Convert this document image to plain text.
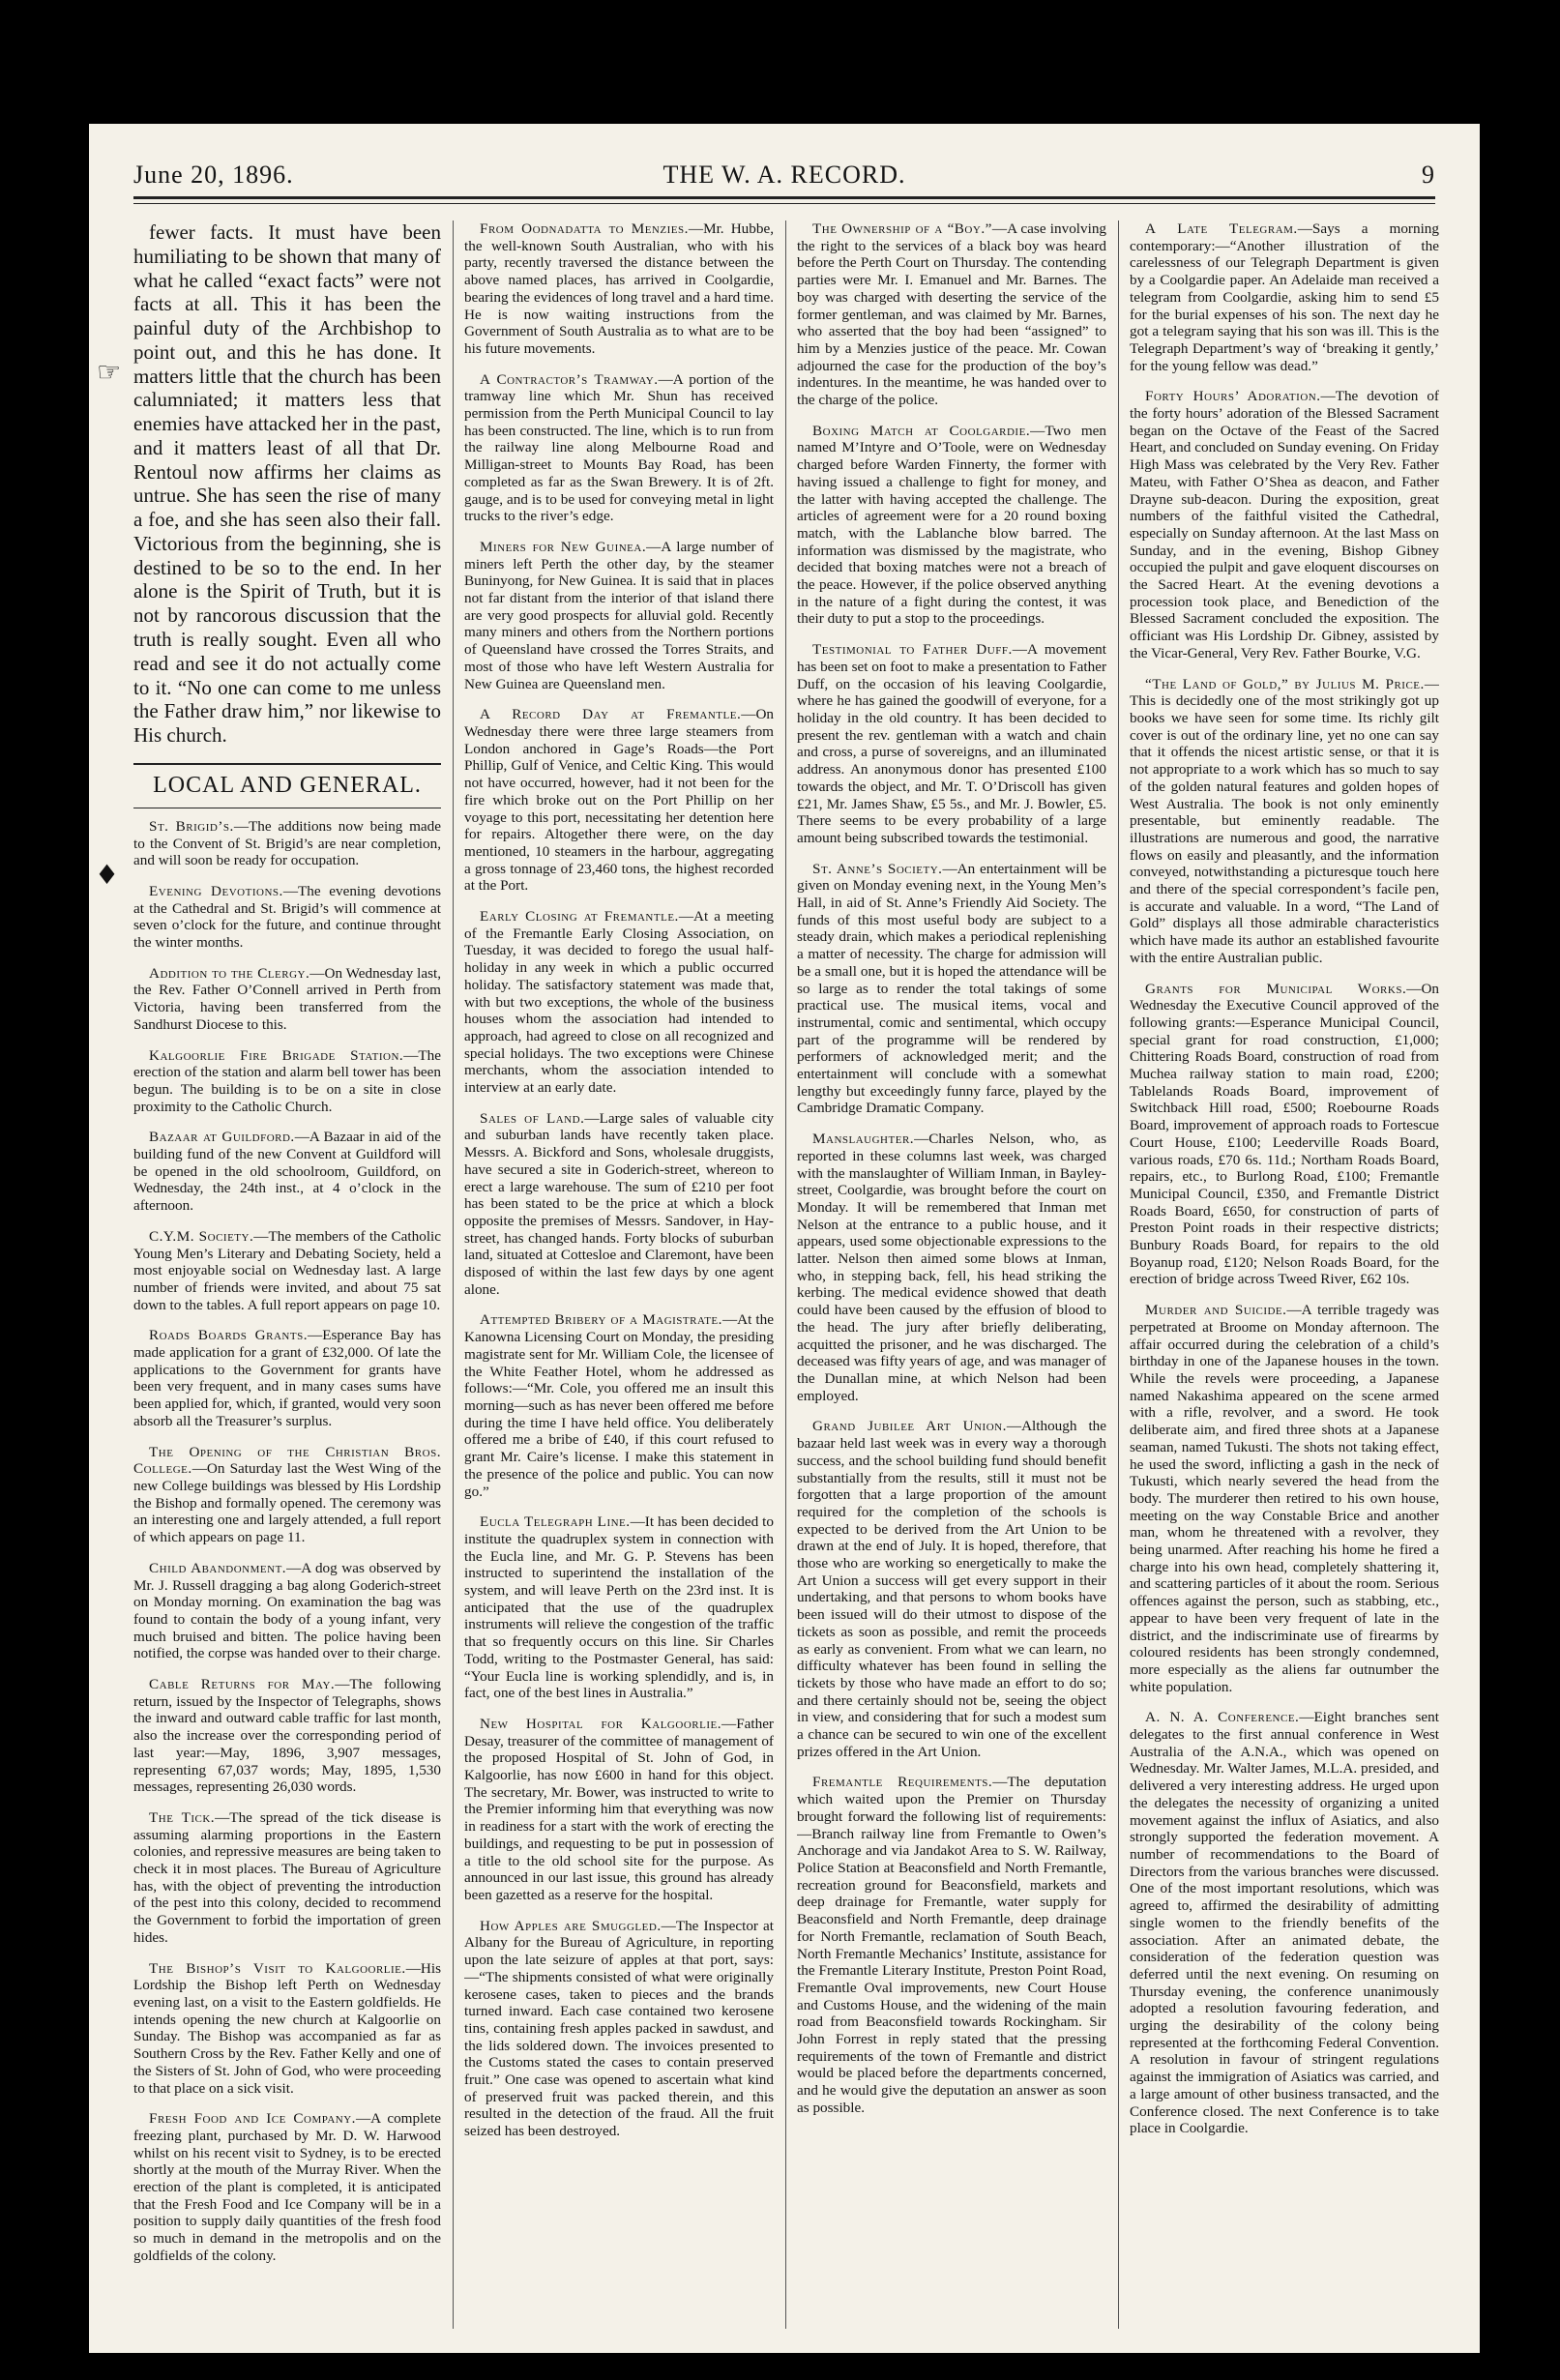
June 20, 1896.	THE W. A. RECORD.	9

fewer facts. It must have been humiliating to be shown that many of what he called “exact facts” were not facts at all. This it has been the painful duty of the Archbishop to point out, and this he has done. It matters little that the church has been calumniated; it matters less that enemies have attacked her in the past, and it matters least of all that Dr. Rentoul now affirms her claims as untrue. She has seen the rise of many a foe, and she has seen also their fall. Victorious from the beginning, she is destined to be so to the end. In her alone is the Spirit of Truth, but it is not by rancorous discussion that the truth is really sought. Even all who read and see it do not actually come to it. “No one can come to me unless the Father draw him,” nor likewise to His church.

LOCAL AND GENERAL.

St. Brigid’s.—The additions now being made to the Convent of St. Brigid’s are near completion, and will soon be ready for occupation.

Evening Devotions.—The evening devotions at the Cathedral and St. Brigid’s will commence at seven o’clock for the future, and continue throught the winter months.

Addition to the Clergy.—On Wednesday last, the Rev. Father O’Connell arrived in Perth from Victoria, having been transferred from the Sandhurst Diocese to this.

Kalgoorlie Fire Brigade Station.—The erection of the station and alarm bell tower has been begun. The building is to be on a site in close proximity to the Catholic Church.

Bazaar at Guildford.—A Bazaar in aid of the building fund of the new Convent at Guildford will be opened in the old schoolroom, Guildford, on Wednesday, the 24th inst., at 4 o’clock in the afternoon.

C.Y.M. Society.—The members of the Catholic Young Men’s Literary and Debating Society, held a most enjoyable social on Wednesday last. A large number of friends were invited, and about 75 sat down to the tables. A full report appears on page 10.

Roads Boards Grants.—Esperance Bay has made application for a grant of £32,000. Of late the applications to the Government for grants have been very frequent, and in many cases sums have been applied for, which, if granted, would very soon absorb all the Treasurer’s surplus.

The Opening of the Christian Bros. College.—On Saturday last the West Wing of the new College buildings was blessed by His Lordship the Bishop and formally opened. The ceremony was an interesting one and largely attended, a full report of which appears on page 11.

Child Abandonment.—A dog was observed by Mr. J. Russell dragging a bag along Goderich-street on Monday morning. On examination the bag was found to contain the body of a young infant, very much bruised and bitten. The police having been notified, the corpse was handed over to their charge.

Cable Returns for May.—The following return, issued by the Inspector of Telegraphs, shows the inward and outward cable traffic for last month, also the increase over the corresponding period of last year:—May, 1896, 3,907 messages, representing 67,037 words; May, 1895, 1,530 messages, representing 26,030 words.

The Tick.—The spread of the tick disease is assuming alarming proportions in the Eastern colonies, and repressive measures are being taken to check it in most places. The Bureau of Agriculture has, with the object of preventing the introduction of the pest into this colony, decided to recommend the Government to forbid the importation of green hides.

The Bishop’s Visit to Kalgoorlie.—His Lordship the Bishop left Perth on Wednesday evening last, on a visit to the Eastern goldfields. He intends opening the new church at Kalgoorlie on Sunday. The Bishop was accompanied as far as Southern Cross by the Rev. Father Kelly and one of the Sisters of St. John of God, who were proceeding to that place on a sick visit.

Fresh Food and Ice Company.—A complete freezing plant, purchased by Mr. D. W. Harwood whilst on his recent visit to Sydney, is to be erected shortly at the mouth of the Murray River. When the erection of the plant is completed, it is anticipated that the Fresh Food and Ice Company will be in a position to supply daily quantities of the fresh food so much in demand in the metropolis and on the goldfields of the colony.

From Oodnadatta to Menzies.—Mr. Hubbe, the well-known South Australian, who with his party, recently traversed the distance between the above named places, has arrived in Coolgardie, bearing the evidences of long travel and a hard time. He is now waiting instructions from the Government of South Australia as to what are to be his future movements.

A Contractor’s Tramway.—A portion of the tramway line which Mr. Shun has received permission from the Perth Municipal Council to lay has been constructed. The line, which is to run from the railway line along Melbourne Road and Milligan-street to Mounts Bay Road, has been completed as far as the Swan Brewery. It is of 2ft. gauge, and is to be used for conveying metal in light trucks to the river’s edge.

Miners for New Guinea.—A large number of miners left Perth the other day, by the steamer Buninyong, for New Guinea. It is said that in places not far distant from the interior of that island there are very good prospects for alluvial gold. Recently many miners and others from the Northern portions of Queensland have crossed the Torres Straits, and most of those who have left Western Australia for New Guinea are Queensland men.

A Record Day at Fremantle.—On Wednesday there were three large steamers from London anchored in Gage’s Roads—the Port Phillip, Gulf of Venice, and Celtic King. This would not have occurred, however, had it not been for the fire which broke out on the Port Phillip on her voyage to this port, necessitating her detention here for repairs. Altogether there were, on the day mentioned, 10 steamers in the harbour, aggregating a gross tonnage of 23,460 tons, the highest recorded at the Port.

Early Closing at Fremantle.—At a meeting of the Fremantle Early Closing Association, on Tuesday, it was decided to forego the usual half-holiday in any week in which a public occurred holiday. The satisfactory statement was made that, with but two exceptions, the whole of the business houses whom the association had intended to approach, had agreed to close on all recognized and special holidays. The two exceptions were Chinese merchants, whom the association intended to interview at an early date.

Sales of Land.—Large sales of valuable city and suburban lands have recently taken place. Messrs. A. Bickford and Sons, wholesale druggists, have secured a site in Goderich-street, whereon to erect a large warehouse. The sum of £210 per foot has been stated to be the price at which a block opposite the premises of Messrs. Sandover, in Hay-street, has changed hands. Forty blocks of suburban land, situated at Cottesloe and Claremont, have been disposed of within the last few days by one agent alone.

Attempted Bribery of a Magistrate.—At the Kanowna Licensing Court on Monday, the presiding magistrate sent for Mr. William Cole, the licensee of the White Feather Hotel, whom he addressed as follows:—“Mr. Cole, you offered me an insult this morning—such as has never been offered me before during the time I have held office. You deliberately offered me a bribe of £40, if this court refused to grant Mr. Caire’s license. I make this statement in the presence of the police and public. You can now go.”

Eucla Telegraph Line.—It has been decided to institute the quadruplex system in connection with the Eucla line, and Mr. G. P. Stevens has been instructed to superintend the installation of the system, and will leave Perth on the 23rd inst. It is anticipated that the use of the quadruplex instruments will relieve the congestion of the traffic that so frequently occurs on this line. Sir Charles Todd, writing to the Postmaster General, has said: “Your Eucla line is working splendidly, and is, in fact, one of the best lines in Australia.”

New Hospital for Kalgoorlie.—Father Desay, treasurer of the committee of management of the proposed Hospital of St. John of God, in Kalgoorlie, has now £600 in hand for this object. The secretary, Mr. Bower, was instructed to write to the Premier informing him that everything was now in readiness for a start with the work of erecting the buildings, and requesting to be put in possession of a title to the old school site for the purpose. As announced in our last issue, this ground has already been gazetted as a reserve for the hospital.

How Apples are Smuggled.—The Inspector at Albany for the Bureau of Agriculture, in reporting upon the late seizure of apples at that port, says:—“The shipments consisted of what were originally kerosene cases, taken to pieces and the brands turned inward. Each case contained two kerosene tins, containing fresh apples packed in sawdust, and the lids soldered down. The invoices presented to the Customs stated the cases to contain preserved fruit.” One case was opened to ascertain what kind of preserved fruit was packed therein, and this resulted in the detection of the fraud. All the fruit seized has been destroyed.

The Ownership of a “Boy.”—A case involving the right to the services of a black boy was heard before the Perth Court on Thursday. The contending parties were Mr. I. Emanuel and Mr. Barnes. The boy was charged with deserting the service of the former gentleman, and was claimed by Mr. Barnes, who asserted that the boy had been “assigned” to him by a Menzies justice of the peace. Mr. Cowan adjourned the case for the production of the boy’s indentures. In the meantime, he was handed over to the charge of the police.

Boxing Match at Coolgardie.—Two men named M’Intyre and O’Toole, were on Wednesday charged before Warden Finnerty, the former with having issued a challenge to fight for money, and the latter with having accepted the challenge. The articles of agreement were for a 20 round boxing match, with the Lablanche blow barred. The information was dismissed by the magistrate, who decided that boxing matches were not a breach of the peace. However, if the police observed anything in the nature of a fight during the contest, it was their duty to put a stop to the proceedings.

Testimonial to Father Duff.—A movement has been set on foot to make a presentation to Father Duff, on the occasion of his leaving Coolgardie, where he has gained the goodwill of everyone, for a holiday in the old country. It has been decided to present the rev. gentleman with a watch and chain and cross, a purse of sovereigns, and an illuminated address. An anonymous donor has presented £100 towards the object, and Mr. T. O’Driscoll has given £21, Mr. James Shaw, £5 5s., and Mr. J. Bowler, £5. There seems to be every probability of a large amount being subscribed towards the testimonial.

St. Anne’s Society.—An entertainment will be given on Monday evening next, in the Young Men’s Hall, in aid of St. Anne’s Friendly Aid Society. The funds of this most useful body are subject to a steady drain, which makes a periodical replenishing a matter of necessity. The charge for admission will be a small one, but it is hoped the attendance will be so large as to render the total takings of some practical use. The musical items, vocal and instrumental, comic and sentimental, which occupy part of the programme will be rendered by performers of acknowledged merit; and the entertainment will conclude with a somewhat lengthy but exceedingly funny farce, played by the Cambridge Dramatic Company.

Manslaughter.—Charles Nelson, who, as reported in these columns last week, was charged with the manslaughter of William Inman, in Bayley-street, Coolgardie, was brought before the court on Monday. It will be remembered that Inman met Nelson at the entrance to a public house, and it appears, used some objectionable expressions to the latter. Nelson then aimed some blows at Inman, who, in stepping back, fell, his head striking the kerbing. The medical evidence showed that death could have been caused by the effusion of blood to the head. The jury after briefly deliberating, acquitted the prisoner, and he was discharged. The deceased was fifty years of age, and was manager of the Dunallan mine, at which Nelson had been employed.

Grand Jubilee Art Union.—Although the bazaar held last week was in every way a thorough success, and the school building fund should benefit substantially from the results, still it must not be forgotten that a large proportion of the amount required for the completion of the schools is expected to be derived from the Art Union to be drawn at the end of July. It is hoped, therefore, that those who are working so energetically to make the Art Union a success will get every support in their undertaking, and that persons to whom books have been issued will do their utmost to dispose of the tickets as soon as possible, and remit the proceeds as early as convenient. From what we can learn, no difficulty whatever has been found in selling the tickets by those who have made an effort to do so; and there certainly should not be, seeing the object in view, and considering that for such a modest sum a chance can be secured to win one of the excellent prizes offered in the Art Union.

Fremantle Requirements.—The deputation which waited upon the Premier on Thursday brought forward the following list of requirements:—Branch railway line from Fremantle to Owen’s Anchorage and via Jandakot Area to S. W. Railway, Police Station at Beaconsfield and North Fremantle, recreation ground for Beaconsfield, markets and deep drainage for Fremantle, water supply for Beaconsfield and North Fremantle, deep drainage for North Fremantle, reclamation of South Beach, North Fremantle Mechanics’ Institute, assistance for the Fremantle Literary Institute, Preston Point Road, Fremantle Oval improvements, new Court House and Customs House, and the widening of the main road from Beaconsfield towards Rockingham. Sir John Forrest in reply stated that the pressing requirements of the town of Fremantle and district would be placed before the departments concerned, and he would give the deputation an answer as soon as possible.

A Late Telegram.—Says a morning contemporary:—“Another illustration of the carelessness of our Telegraph Department is given by a Coolgardie paper. An Adelaide man received a telegram from Coolgardie, asking him to send £5 for the burial expenses of his son. The next day he got a telegram saying that his son was ill. This is the Telegraph Department’s way of ‘breaking it gently,’ for the young fellow was dead.”

Forty Hours’ Adoration.—The devotion of the forty hours’ adoration of the Blessed Sacrament began on the Octave of the Feast of the Sacred Heart, and concluded on Sunday evening. On Friday High Mass was celebrated by the Very Rev. Father Mateu, with Father O’Shea as deacon, and Father Drayne sub-deacon. During the exposition, great numbers of the faithful visited the Cathedral, especially on Sunday afternoon. At the last Mass on Sunday, and in the evening, Bishop Gibney occupied the pulpit and gave eloquent discourses on the Sacred Heart. At the evening devotions a procession took place, and Benediction of the Blessed Sacrament concluded the exposition. The officiant was His Lordship Dr. Gibney, assisted by the Vicar-General, Very Rev. Father Bourke, V.G.

“The Land of Gold,” by Julius M. Price.—This is decidedly one of the most strikingly got up books we have seen for some time. Its richly gilt cover is out of the ordinary line, yet no one can say that it offends the nicest artistic sense, or that it is not appropriate to a work which has so much to say of the golden natural features and golden hopes of West Australia. The book is not only eminently presentable, but eminently readable. The illustrations are numerous and good, the narrative flows on easily and pleasantly, and the information conveyed, notwithstanding a picturesque touch here and there of the special correspondent’s facile pen, is accurate and valuable. In a word, “The Land of Gold” displays all those admirable characteristics which have made its author an established favourite with the entire Australian public.

Grants for Municipal Works.—On Wednesday the Executive Council approved of the following grants:—Esperance Municipal Council, special grant for road construction, £1,000; Chittering Roads Board, construction of road from Muchea railway station to main road, £200; Tablelands Roads Board, improvement of Switchback Hill road, £500; Roebourne Roads Board, improvement of approach roads to Fortescue Court House, £100; Leederville Roads Board, various roads, £70 6s. 11d.; Northam Roads Board, repairs, etc., to Burlong Road, £100; Fremantle Municipal Council, £350, and Fremantle District Roads Board, £650, for construction of parts of Preston Point roads in their respective districts; Bunbury Roads Board, for repairs to the old Boyanup road, £120; Nelson Roads Board, for the erection of bridge across Tweed River, £62 10s.

Murder and Suicide.—A terrible tragedy was perpetrated at Broome on Monday afternoon. The affair occurred during the celebration of a child’s birthday in one of the Japanese houses in the town. While the revels were proceeding, a Japanese named Nakashima appeared on the scene armed with a rifle, revolver, and a sword. He took deliberate aim, and fired three shots at a Japanese seaman, named Tukusti. The shots not taking effect, he used the sword, inflicting a gash in the neck of Tukusti, which nearly severed the head from the body. The murderer then retired to his own house, meeting on the way Constable Brice and another man, whom he threatened with a revolver, they being unarmed. After reaching his home he fired a charge into his own head, completely shattering it, and scattering particles of it about the room. Serious offences against the person, such as stabbing, etc., appear to have been very frequent of late in the district, and the indiscriminate use of firearms by coloured residents has been strongly condemned, more especially as the aliens far outnumber the white population.

A. N. A. Conference.—Eight branches sent delegates to the first annual conference in West Australia of the A.N.A., which was opened on Wednesday. Mr. Walter James, M.L.A. presided, and delivered a very interesting address. He urged upon the delegates the necessity of organizing a united movement against the influx of Asiatics, and also strongly supported the federation movement. A number of recommendations to the Board of Directors from the various branches were discussed. One of the most important resolutions, which was agreed to, affirmed the desirability of admitting single women to the friendly benefits of the association. After an animated debate, the consideration of the federation question was deferred until the next evening. On resuming on Thursday evening, the conference unanimously adopted a resolution favouring federation, and urging the desirability of the colony being represented at the forthcoming Federal Convention. A resolution in favour of stringent regulations against the immigration of Asiatics was carried, and a large amount of other business transacted, and the Conference closed. The next Conference is to take place in Coolgardie.

☞
♦
